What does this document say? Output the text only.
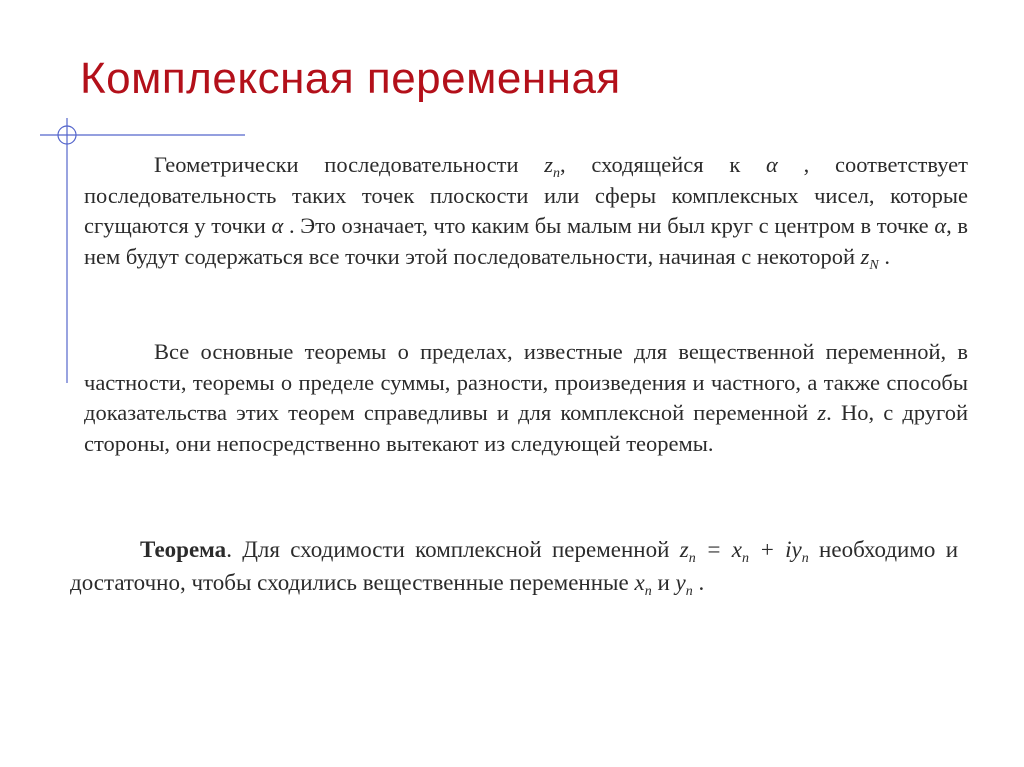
Комплексная переменная
Геометрически последовательности $z_n$, сходящейся к α , соответствует последовательность таких точек плоскости или сферы комплексных чисел, которые сгущаются у точки α . Это означает, что каким бы малым ни был круг с центром в точке α, в нем будут содержаться все точки этой последовательности, начиная с некоторой $z_N$ .
Все основные теоремы о пределах, известные для вещественной переменной, в частности, теоремы о пределе суммы, разности, произведения и частного, а также способы доказательства этих теорем справедливы и для комплексной переменной z. Но, с другой стороны, они непосредственно вытекают из следующей теоремы.
Теорема. Для сходимости комплексной переменной $z_n = x_n + iy_n$ необходимо и достаточно, чтобы сходились вещественные переменные $x_n$ и $y_n$ .
